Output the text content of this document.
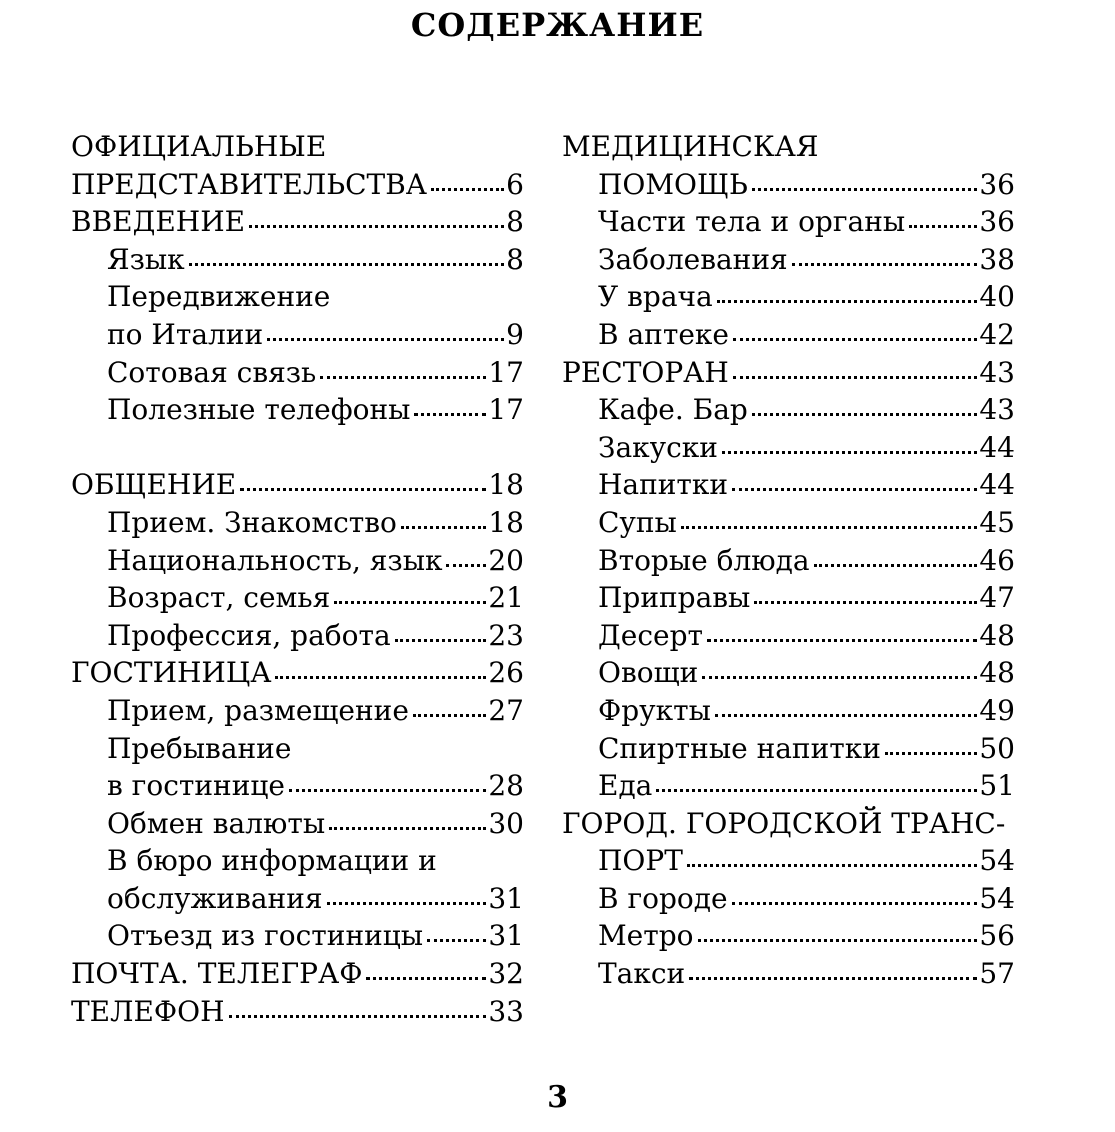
СОДЕРЖАНИЕ
ОФИЦИАЛЬНЫЕ
ПРЕДСТАВИТЕЛЬСТВА	6
ВВЕДЕНИЕ	8
Язык	8
Передвижение
по Италии	9
Сотовая связь	17
Полезные телефоны	17
ОБЩЕНИЕ	18
Прием. Знакомство	18
Национальность, язык 20
Возраст, семья	21
Профессия, работа	23
ГОСТИНИЦА	26
Прием, размещение	27
Пребывание
в гостинице	28
Обмен валюты	30
В бюро информации и
обслуживания	31
Отъезд из гостиницы 31
ПОЧТА. ТЕЛЕГРАФ	32
ТЕЛЕФОН	33
МЕДИЦИНСКАЯ
ПОМОЩЬ	36
Части тела и органы	36
Заболевания	38
У врача	40
В аптеке	42
РЕСТОРАН	43
Кафе. Бар	43
Закуски	44
Напитки	44
Супы	45
Вторые блюда	46
Приправы	47
Десерт	48
Овощи	48
Фрукты	49
Спиртные напитки	50
Еда	51
ГОРОД. ГОРОДСКОЙ ТРАНС-
ПОРТ	54
В городе	54
Метро	56
Такси	57
3
